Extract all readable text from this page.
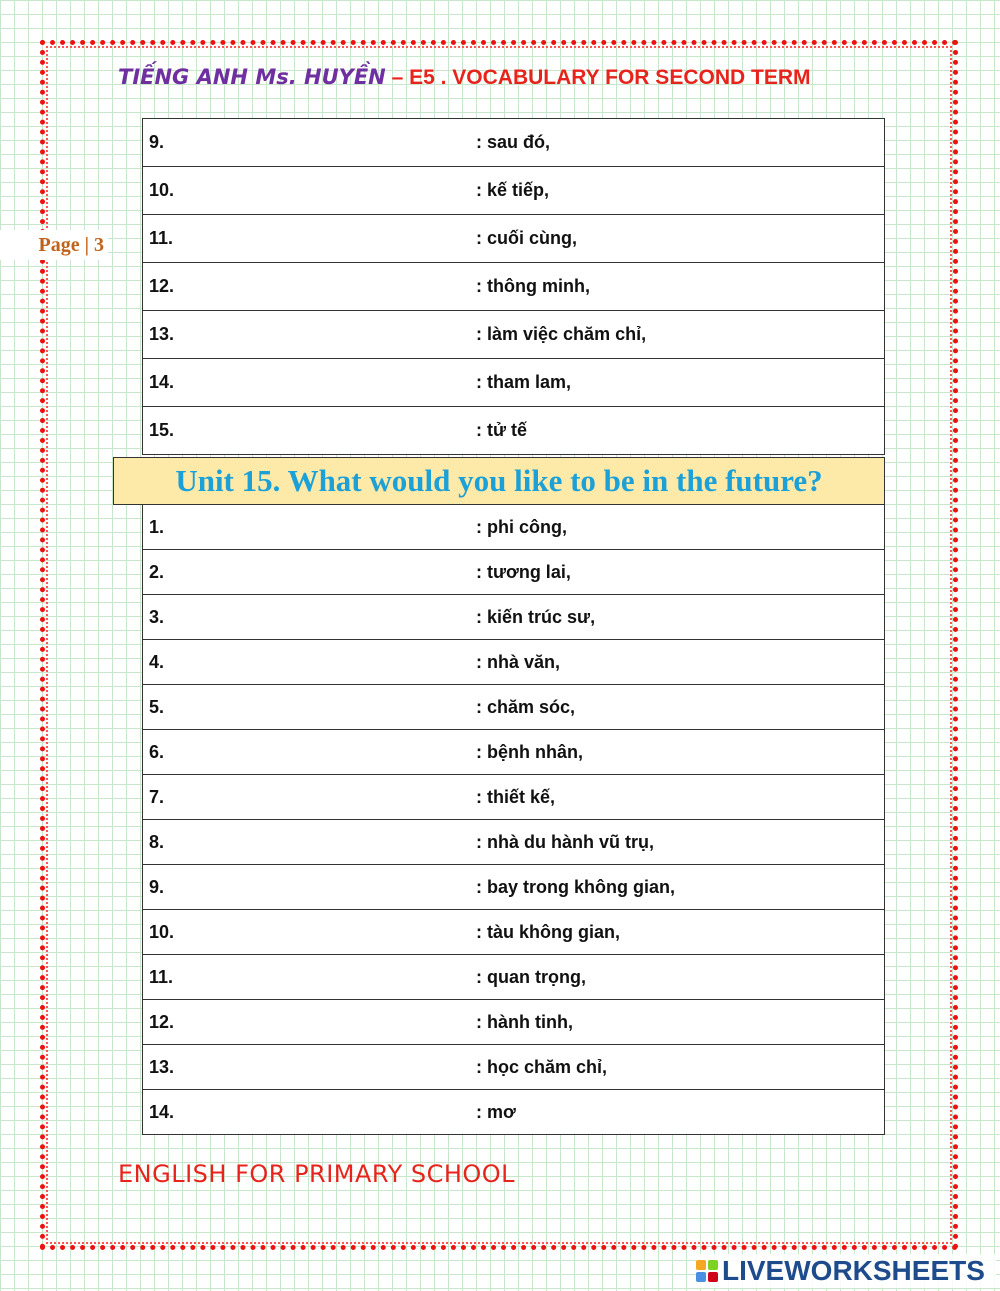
TIẾNG ANH Ms. HUYỀN – E5 . VOCABULARY FOR SECOND TERM
Page | 3
9.	: sau đó,
10.	: kế tiếp,
11.	: cuối cùng,
12.	: thông minh,
13.	: làm việc chăm chỉ,
14.	: tham lam,
15.	: tử tế
Unit 15. What would you like to be in the future?
1.	: phi công,
2.	: tương lai,
3.	: kiến trúc sư,
4.	: nhà văn,
5.	: chăm sóc,
6.	: bệnh nhân,
7.	: thiết kế,
8.	: nhà du hành vũ trụ,
9.	: bay trong không gian,
10.	: tàu không gian,
11.	: quan trọng,
12.	: hành tinh,
13.	: học chăm chỉ,
14.	: mơ
ENGLISH FOR PRIMARY SCHOOL
LIVEWORKSHEETS
